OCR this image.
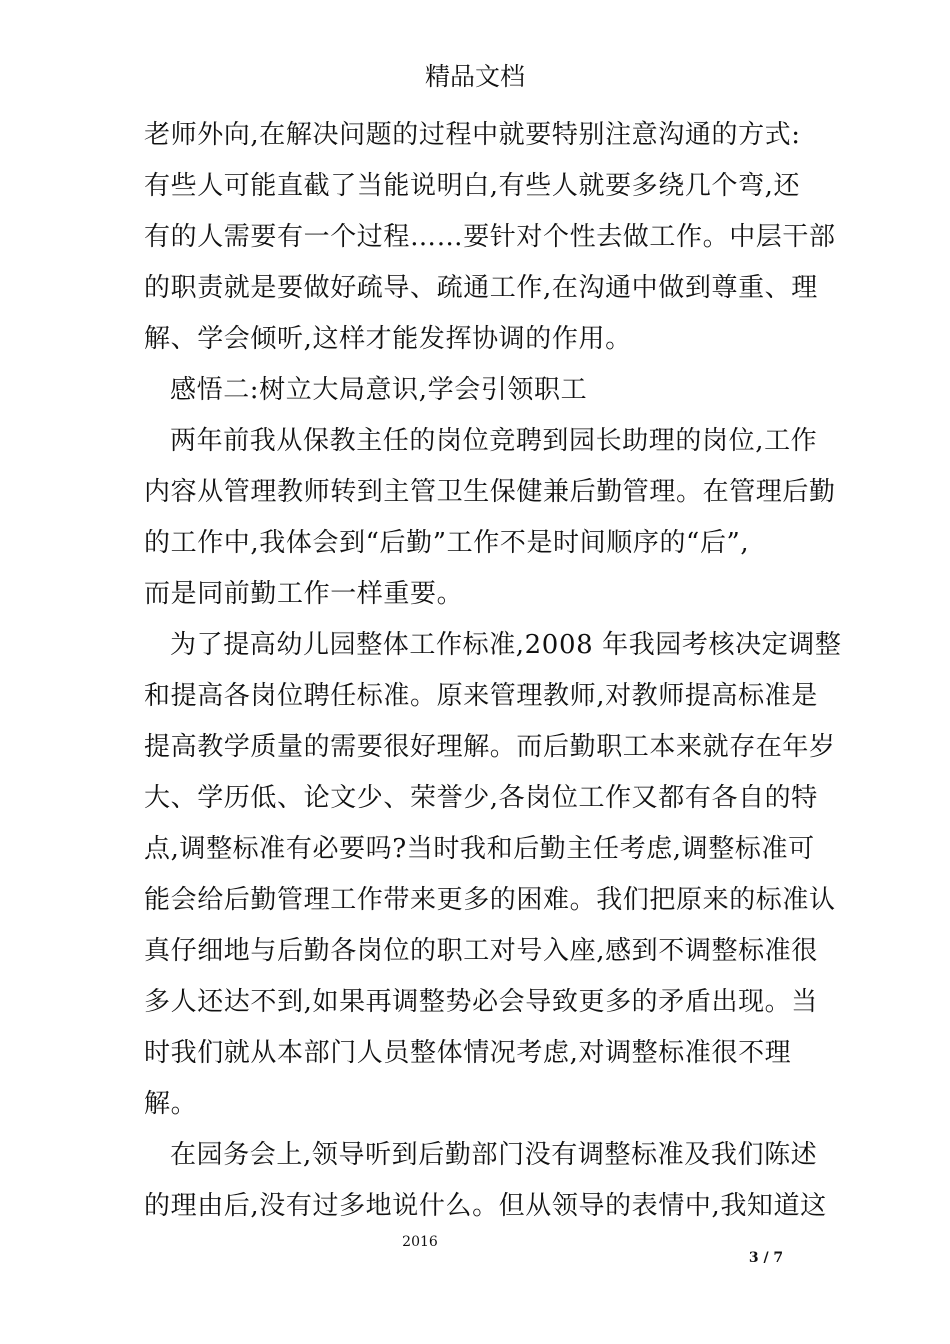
精品文档
老师外向,在解决问题的过程中就要特别注意沟通的方式:
有些人可能直截了当能说明白,有些人就要多绕几个弯,还
有的人需要有一个过程……要针对个性去做工作。中层干部
的职责就是要做好疏导、疏通工作,在沟通中做到尊重、理
解、学会倾听,这样才能发挥协调的作用。
感悟二:树立大局意识,学会引领职工
两年前我从保教主任的岗位竞聘到园长助理的岗位,工作
内容从管理教师转到主管卫生保健兼后勤管理。在管理后勤
的工作中,我体会到“后勤”工作不是时间顺序的“后”,
而是同前勤工作一样重要。
为了提高幼儿园整体工作标准,2008 年我园考核决定调整
和提高各岗位聘任标准。原来管理教师,对教师提高标准是
提高教学质量的需要很好理解。而后勤职工本来就存在年岁
大、学历低、论文少、荣誉少,各岗位工作又都有各自的特
点,调整标准有必要吗?当时我和后勤主任考虑,调整标准可
能会给后勤管理工作带来更多的困难。我们把原来的标准认
真仔细地与后勤各岗位的职工对号入座,感到不调整标准很
多人还达不到,如果再调整势必会导致更多的矛盾出现。当
时我们就从本部门人员整体情况考虑,对调整标准很不理
解。
在园务会上,领导听到后勤部门没有调整标准及我们陈述
的理由后,没有过多地说什么。但从领导的表情中,我知道这
2016
3 / 7
